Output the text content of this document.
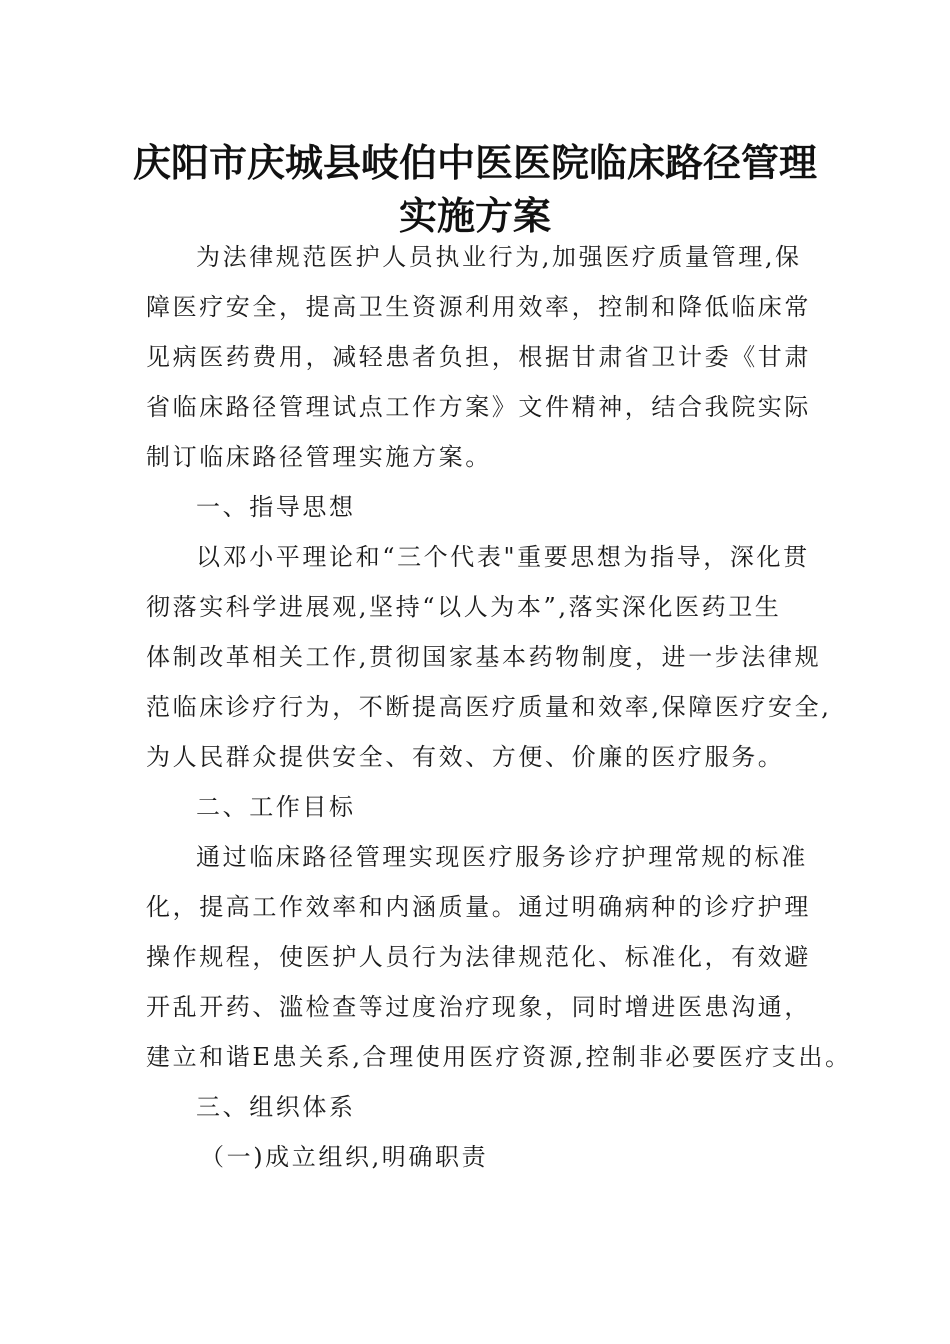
庆阳市庆城县岐伯中医医院临床路径管理
实施方案
为法律规范医护人员执业行为,加强医疗质量管理,保
障医疗安全，提高卫生资源利用效率，控制和降低临床常
见病医药费用，减轻患者负担，根据甘肃省卫计委《甘肃
省临床路径管理试点工作方案》文件精神，结合我院实际
制订临床路径管理实施方案。
一、指导思想
以邓小平理论和“三个代表"重要思想为指导，深化贯
彻落实科学进展观,坚持“以人为本”,落实深化医药卫生
体制改革相关工作,贯彻国家基本药物制度，进一步法律规
范临床诊疗行为，不断提高医疗质量和效率,保障医疗安全,
为人民群众提供安全、有效、方便、价廉的医疗服务。
二、工作目标
通过临床路径管理实现医疗服务诊疗护理常规的标准
化，提高工作效率和内涵质量。通过明确病种的诊疗护理
操作规程，使医护人员行为法律规范化、标准化，有效避
开乱开药、滥检查等过度治疗现象，同时增进医患沟通，
建立和谐E患关系,合理使用医疗资源,控制非必要医疗支出。
三、组织体系
（一)成立组织,明确职责
